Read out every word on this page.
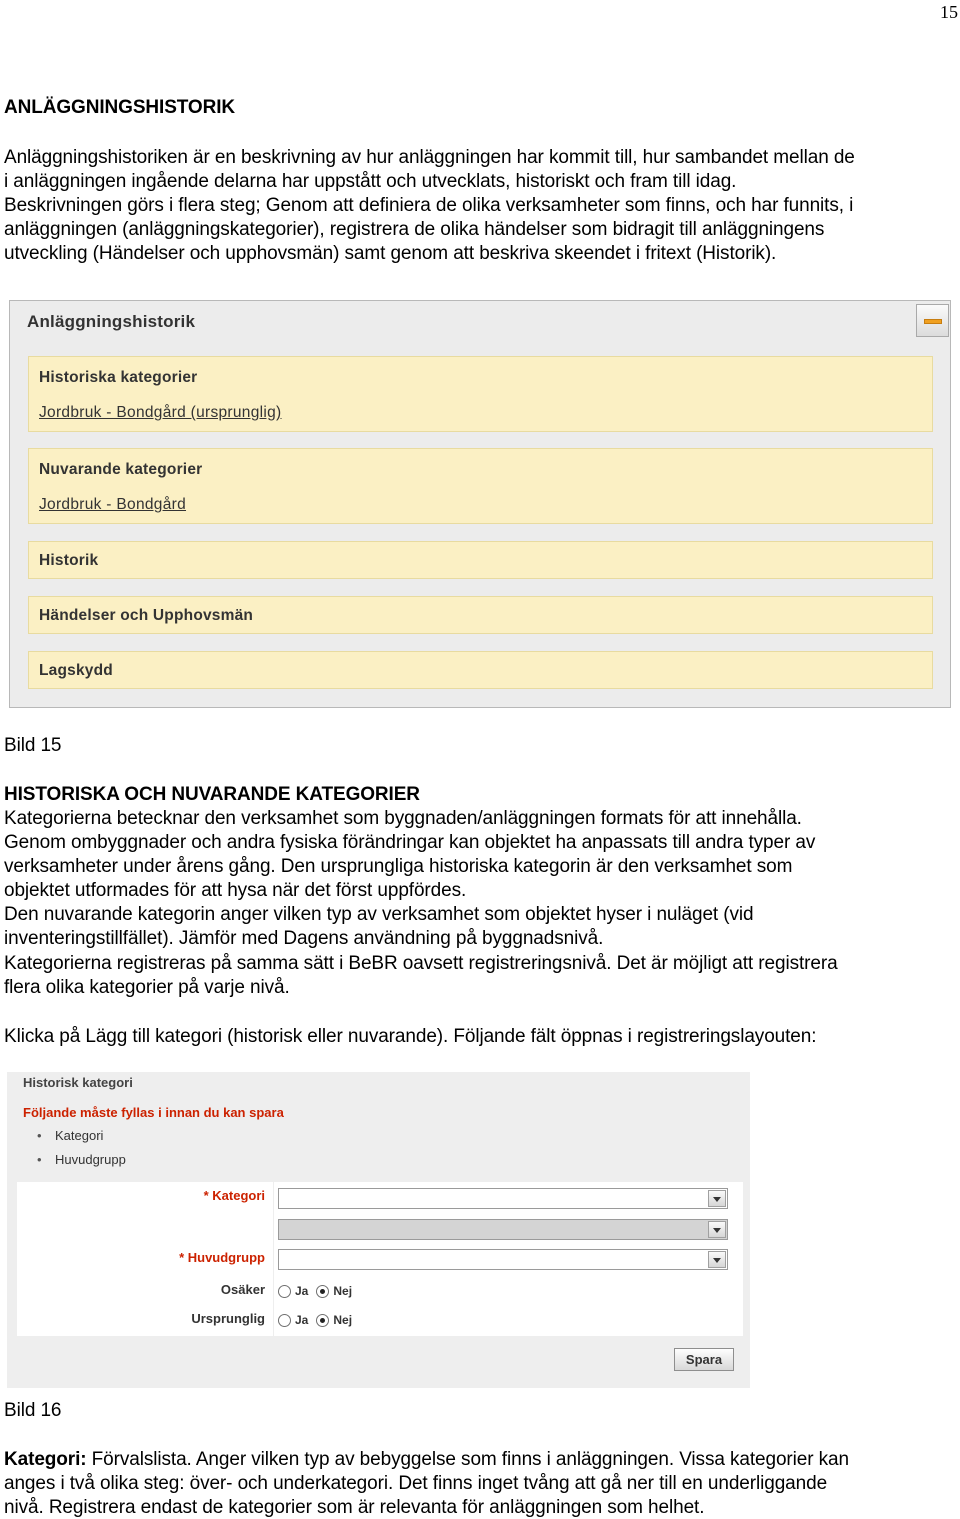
15
ANLÄGGNINGSHISTORIK
Anläggningshistoriken är en beskrivning av hur anläggningen har kommit till, hur sambandet mellan de
i anläggningen ingående delarna har uppstått och utvecklats, historiskt och fram till idag.
Beskrivningen görs i flera steg; Genom att definiera de olika verksamheter som finns, och har funnits, i
anläggningen (anläggningskategorier), registrera de olika händelser som bidragit till anläggningens
utveckling (Händelser och upphovsmän) samt genom att beskriva skeendet i fritext (Historik).
Anläggningshistorik
Historiska kategorier
Jordbruk - Bondgård (ursprunglig)
Nuvarande kategorier
Jordbruk - Bondgård
Historik
Händelser och Upphovsmän
Lagskydd
Bild 15
HISTORISKA OCH NUVARANDE KATEGORIER
Kategorierna betecknar den verksamhet som byggnaden/anläggningen formats för att innehålla.
Genom ombyggnader och andra fysiska förändringar kan objektet ha anpassats till andra typer av
verksamheter under årens gång. Den ursprungliga historiska kategorin är den verksamhet som
objektet utformades för att hysa när det först uppfördes.
Den nuvarande kategorin anger vilken typ av verksamhet som objektet hyser i nuläget (vid
inventeringstillfället). Jämför med Dagens användning på byggnadsnivå.
Kategorierna registreras på samma sätt i BeBR oavsett registreringsnivå. Det är möjligt att registrera
flera olika kategorier på varje nivå.
Klicka på Lägg till kategori (historisk eller nuvarande). Följande fält öppnas i registreringslayouten:
Historisk kategori
Följande måste fyllas i innan du kan spara
• Kategori
• Huvudgrupp
* Kategori
* Huvudgrupp
Osäker
Ursprunglig
Ja Nej
Ja Nej
Spara
Bild 16
Kategori: Förvalslista. Anger vilken typ av bebyggelse som finns i anläggningen. Vissa kategorier kan
anges i två olika steg: över- och underkategori. Det finns inget tvång att gå ner till en underliggande
nivå. Registrera endast de kategorier som är relevanta för anläggningen som helhet.
